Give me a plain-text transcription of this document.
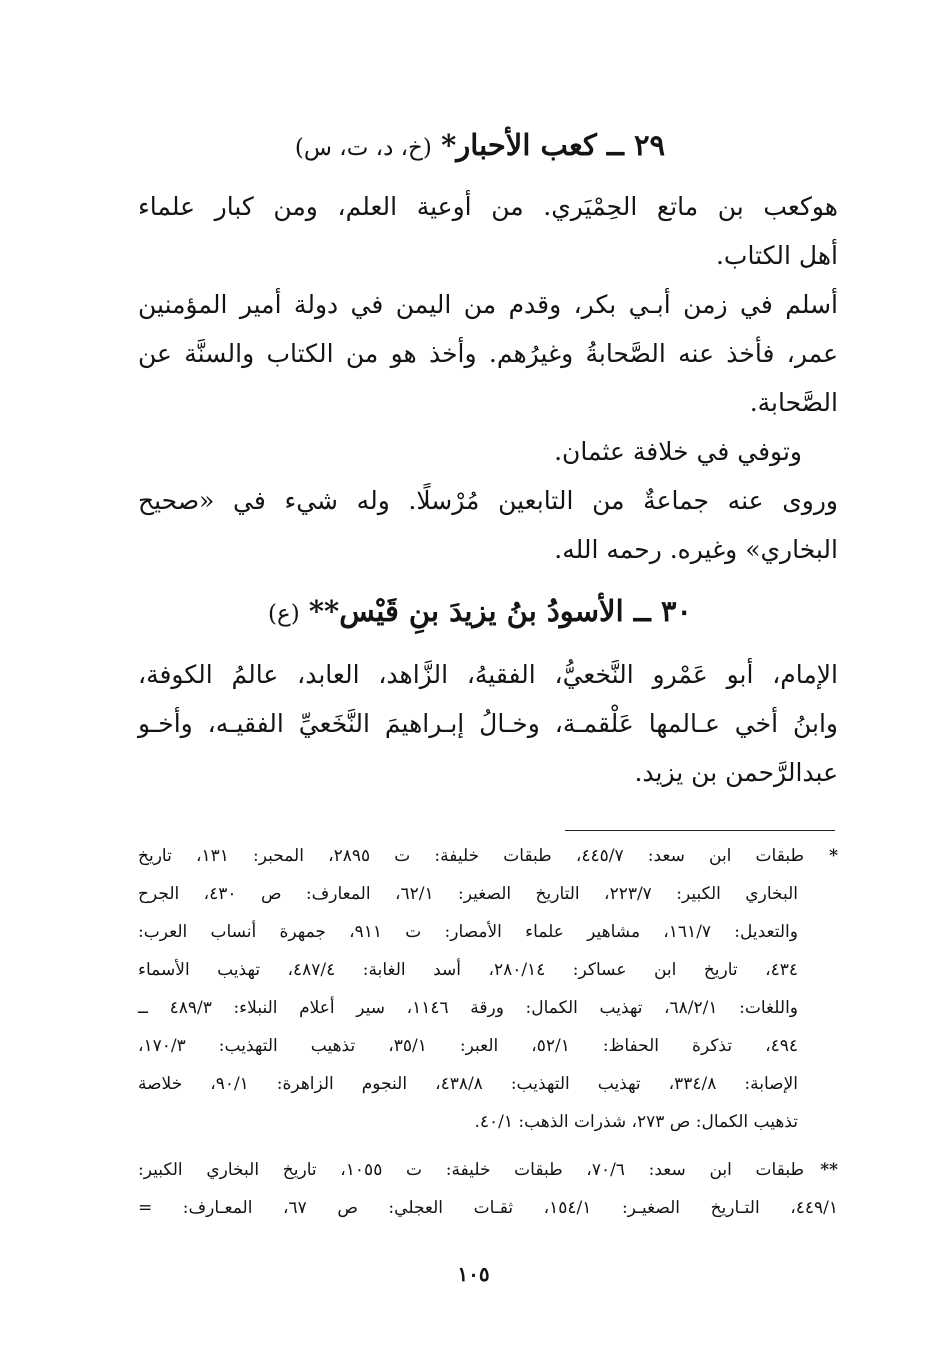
٢٩ ــ كعب الأحبار* (خ، د، ت، س)
هوكعب بن ماتع الحِمْيَري. من أوعية العلم، ومن كبار علماء
أهل الكتاب.
أسلم في زمن أبـي بكر، وقدم من اليمن في دولة أمير المؤمنين
عمر، فأخذ عنه الصَّحابةُ وغيرُهم. وأخذ هو من الكتاب والسنَّة عن
الصَّحابة.
وتوفي في خلافة عثمان.
وروى عنه جماعةٌ من التابعين مُرْسلًا. وله شيء في «صحيح
البخاري» وغيره. رحمه الله.
٣٠ ــ الأسودُ بنُ يزيدَ بنِ قَيْس** (ع)
الإمام، أبو عَمْرو النَّخعيُّ، الفقيهُ، الزَّاهد، العابد، عالمُ الكوفة،
وابنُ أخي عـالمها عَلْقمـة، وخـالُ إبـراهيمَ النَّخَعيِّ الفقيـه، وأخـو
عبدالرَّحمن بن يزيد.
*طبقات ابن سعد: ٤٤٥/٧، طبقات خليفة: ت ٢٨٩٥، المحبر: ١٣١، تاريخ
البخاري الكبير: ٢٢٣/٧، التاريخ الصغير: ٦٢/١، المعارف: ص ٤٣٠، الجرح
والتعديل: ١٦١/٧، مشاهير علماء الأمصار: ت ٩١١، جمهرة أنساب العرب:
٤٣٤، تاريخ ابن عساكر: ٢٨٠/١٤، أسد الغابة: ٤٨٧/٤، تهذيب الأسماء
واللغات: ٦٨/٢/١، تهذيب الكمال: ورقة ١١٤٦، سير أعلام النبلاء: ٤٨٩/٣ ــ
٤٩٤، تذكرة الحفاظ: ٥٢/١، العبر: ٣٥/١، تذهيب التهذيب: ١٧٠/٣،
الإصابة: ٣٣٤/٨، تهذيب التهذيب: ٤٣٨/٨، النجوم الزاهرة: ٩٠/١، خلاصة
تذهيب الكمال: ص ٢٧٣، شذرات الذهب: ٤٠/١.
**طبقات ابن سعد: ٧٠/٦، طبقات خليفة: ت ١٠٥٥، تاريخ البخاري الكبير:
٤٤٩/١، التـاريخ الصغيـر: ١٥٤/١، ثقـات العجلي: ص ٦٧، المعـارف: =
١٠٥
